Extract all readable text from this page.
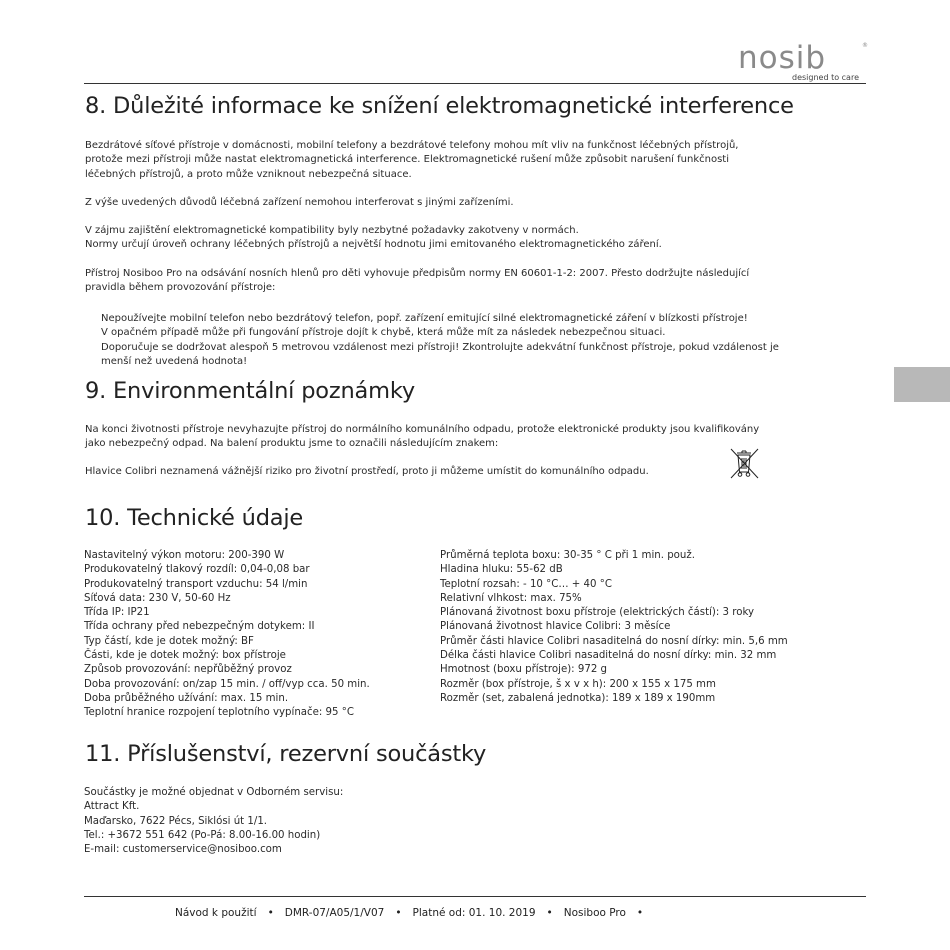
nosib	®
designed to care
8. Důležité informace ke snížení elektromagnetické interference
Bezdrátové síťové přístroje v domácnosti, mobilní telefony a bezdrátové telefony mohou mít vliv na funkčnost léčebných přístrojů,
protože mezi přístroji může nastat elektromagnetická interference. Elektromagnetické rušení může způsobit narušení funkčnosti
léčebných přístrojů, a proto může vzniknout nebezpečná situace.
Z výše uvedených důvodů léčebná zařízení nemohou interferovat s jinými zařízeními.
V zájmu zajištění elektromagnetické kompatibility byly nezbytné požadavky zakotveny v normách.
Normy určují úroveň ochrany léčebných přístrojů a největší hodnotu jimi emitovaného elektromagnetického záření.
Přístroj Nosiboo Pro na odsávání nosních hlenů pro děti vyhovuje předpisům normy EN 60601-1-2: 2007. Přesto dodržujte následující
pravidla během provozování přístroje:
Nepoužívejte mobilní telefon nebo bezdrátový telefon, popř. zařízení emitující silné elektromagnetické záření v blízkosti přístroje!
V opačném případě může při fungování přístroje dojít k chybě, která může mít za následek nebezpečnou situaci.
Doporučuje se dodržovat alespoň 5 metrovou vzdálenost mezi přístroji! Zkontrolujte adekvátní funkčnost přístroje, pokud vzdálenost je
menší než uvedená hodnota!
9. Environmentální poznámky
Na konci životnosti přístroje nevyhazujte přístroj do normálního komunálního odpadu, protože elektronické produkty jsou kvalifikovány
jako nebezpečný odpad. Na balení produktu jsme to označili následujícím znakem:
Hlavice Colibri neznamená vážnější riziko pro životní prostředí, proto ji můžeme umístit do komunálního odpadu.
10. Technické údaje
Nastavitelný výkon motoru: 200-390 W
Produkovatelný tlakový rozdíl: 0,04-0,08 bar
Produkovatelný transport vzduchu: 54 l/min
Síťová data: 230 V, 50-60 Hz
Třída IP: IP21
Třída ochrany před nebezpečným dotykem: II
Typ částí, kde je dotek možný: BF
Části, kde je dotek možný: box přístroje
Způsob provozování: nepřůběžný provoz
Doba provozování: on/zap 15 min. / off/vyp cca. 50 min.
Doba průběžného užívání: max. 15 min.
Teplotní hranice rozpojení teplotního vypínače: 95 °C
Průměrná teplota boxu: 30-35 ° C při 1 min. použ.
Hladina hluku: 55-62 dB
Teplotní rozsah: - 10 °C… + 40 °C
Relativní vlhkost: max. 75%
Plánovaná životnost boxu přístroje (elektrických částí): 3 roky
Plánovaná životnost hlavice Colibri: 3 měsíce
Průměr části hlavice Colibri nasaditelná do nosní dírky: min. 5,6 mm
Délka části hlavice Colibri nasaditelná do nosní dírky: min. 32 mm
Hmotnost (boxu přístroje): 972 g
Rozměr (box přístroje, š x v x h): 200 x 155 x 175 mm
Rozměr (set, zabalená jednotka): 189 x 189 x 190mm
11. Příslušenství, rezervní součástky
Součástky je možné objednat v Odborném servisu:
Attract Kft.
Maďarsko, 7622 Pécs, Siklósi út 1/1.
Tel.: +3672 551 642 (Po-Pá: 8.00-16.00 hodin)
E-mail: customerservice@nosiboo.com
Návod k použití • DMR-07/A05/1/V07 • Platné od: 01. 10. 2019 • Nosiboo Pro •
